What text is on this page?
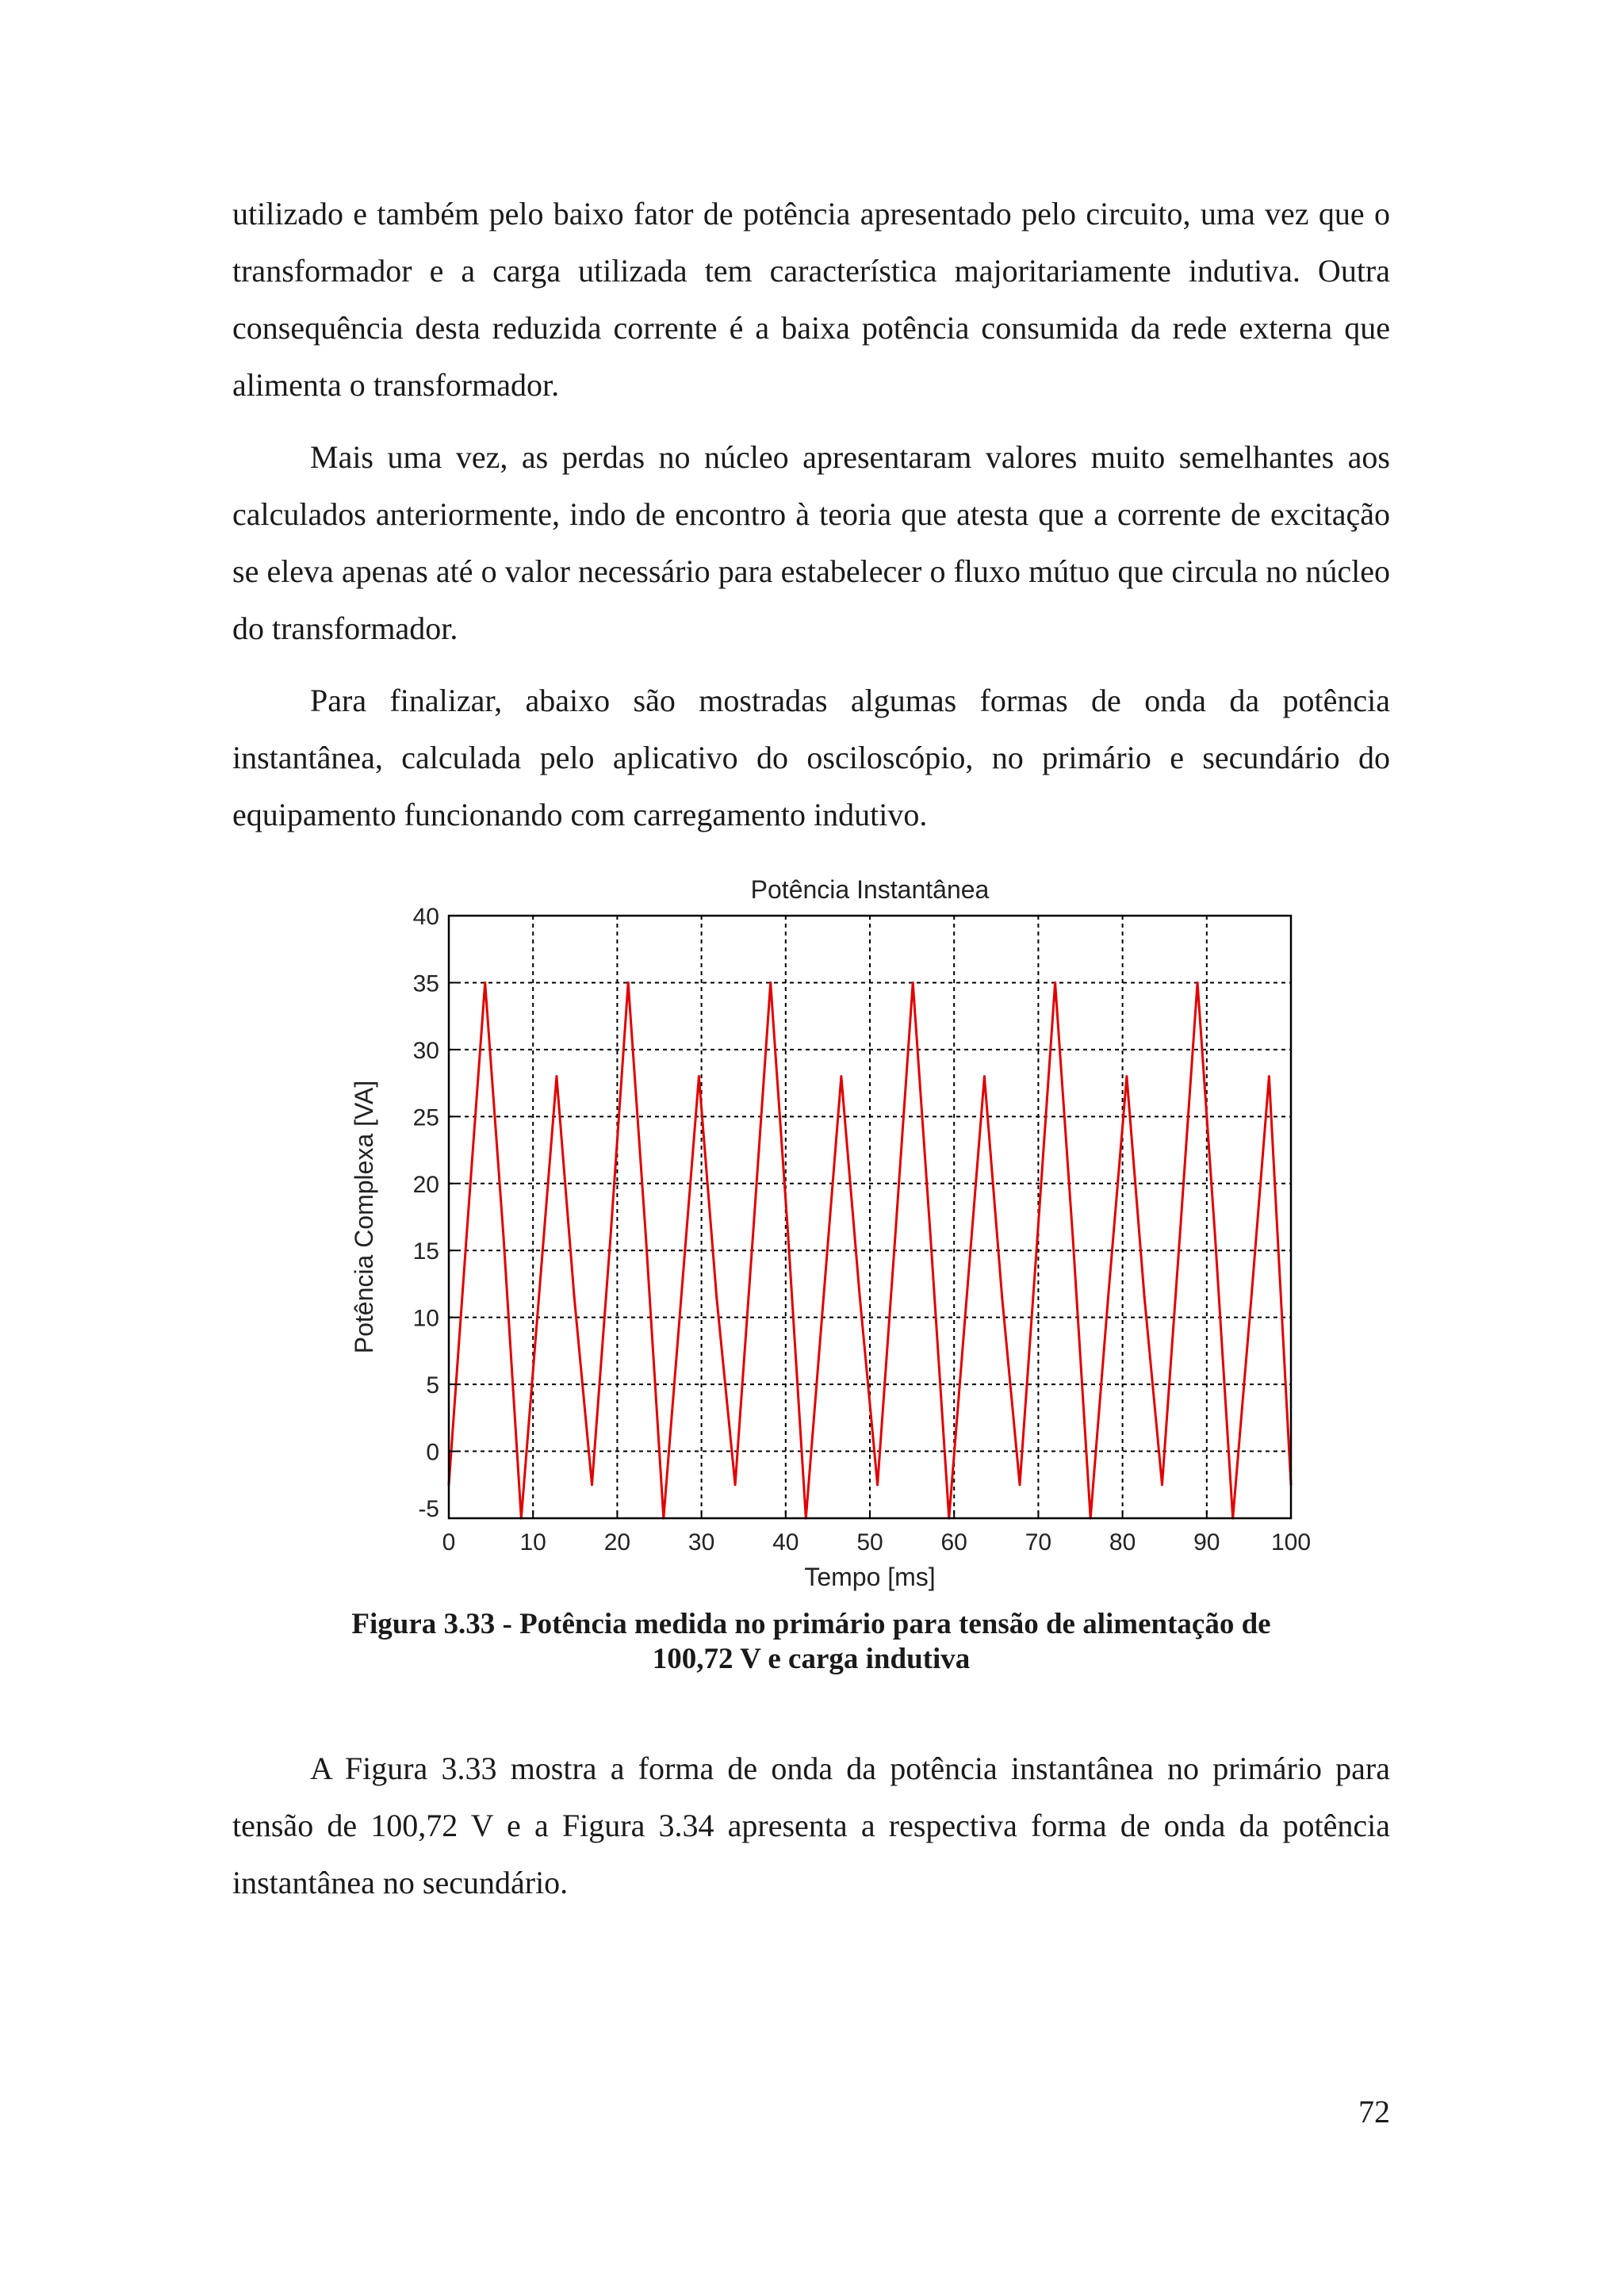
utilizado e também pelo baixo fator de potência apresentado pelo circuito, uma vez que o transformador e a carga utilizada tem característica majoritariamente indutiva. Outra consequência desta reduzida corrente é a baixa potência consumida da rede externa que alimenta o transformador.

Mais uma vez, as perdas no núcleo apresentaram valores muito semelhantes aos calculados anteriormente, indo de encontro à teoria que atesta que a corrente de excitação se eleva apenas até o valor necessário para estabelecer o fluxo mútuo que circula no núcleo do transformador.

Para finalizar, abaixo são mostradas algumas formas de onda da potência instantânea, calculada pelo aplicativo do osciloscópio, no primário e secundário do equipamento funcionando com carregamento indutivo.

0	10 20 30 40 50 60 70 80 90 100
-5
0
5
10
15
20
25
30
35
40
Potência Instantânea
Tempo [ms]
Potência Complexa [VA]
Figura 3.33 - Potência medida no primário para tensão de alimentação de
100,72 V e carga indutiva

A Figura 3.33 mostra a forma de onda da potência instantânea no primário para tensão de 100,72 V e a Figura 3.34 apresenta a respectiva forma de onda da potência instantânea no secundário.

72
